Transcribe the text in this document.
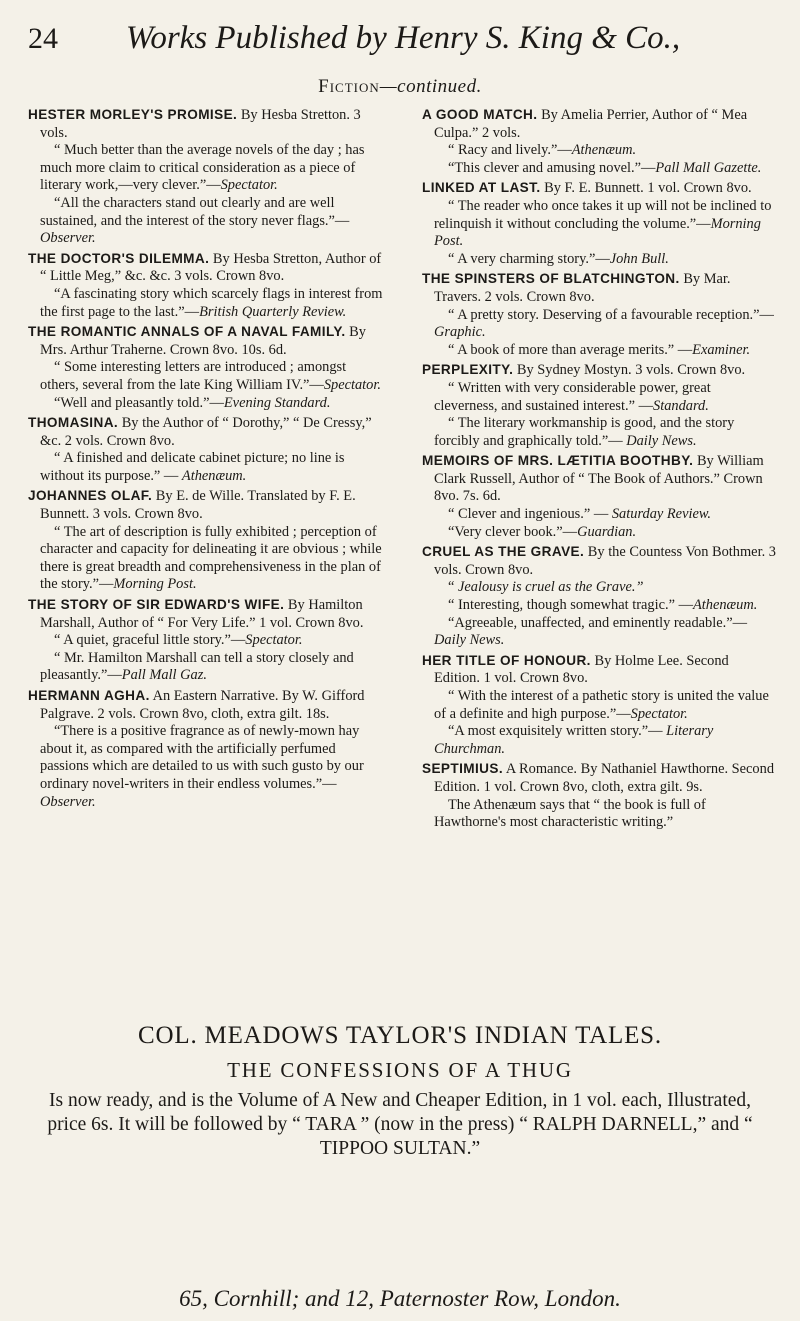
24	Works Published by Henry S. King & Co.,
Fiction—continued.
HESTER MORLEY'S PROMISE. By Hesba Stretton. 3 vols.

“ Much better than the average novels of the day ; has much more claim to critical consideration as a piece of literary work,—very clever.”—Spectator.

“All the characters stand out clearly and are well sustained, and the interest of the story never flags.”—Observer.

THE DOCTOR'S DILEMMA. By Hesba Stretton, Author of “ Little Meg,” &c. &c. 3 vols. Crown 8vo.

“A fascinating story which scarcely flags in interest from the first page to the last.”—British Quarterly Review.

THE ROMANTIC ANNALS OF A NAVAL FAMILY. By Mrs. Arthur Traherne. Crown 8vo. 10s. 6d.

“ Some interesting letters are introduced ; amongst others, several from the late King William IV.”—Spectator.

“Well and pleasantly told.”—Evening Standard.

THOMASINA. By the Author of “ Dorothy,” “ De Cressy,” &c. 2 vols. Crown 8vo.

“ A finished and delicate cabinet picture; no line is without its purpose.” — Athenæum.

JOHANNES OLAF. By E. de Wille. Translated by F. E. Bunnett. 3 vols. Crown 8vo.

“ The art of description is fully exhibited ; perception of character and capacity for delineating it are obvious ; while there is great breadth and comprehensiveness in the plan of the story.”—Morning Post.

THE STORY OF SIR EDWARD'S WIFE. By Hamilton Marshall, Author of “ For Very Life.” 1 vol. Crown 8vo.

“ A quiet, graceful little story.”—Spectator.

“ Mr. Hamilton Marshall can tell a story closely and pleasantly.”—Pall Mall Gaz.

HERMANN AGHA. An Eastern Narrative. By W. Gifford Palgrave. 2 vols. Crown 8vo, cloth, extra gilt. 18s.

“There is a positive fragrance as of newly-mown hay about it, as compared with the artificially perfumed passions which are detailed to us with such gusto by our ordinary novel-writers in their endless volumes.”—Observer.

A GOOD MATCH. By Amelia Perrier, Author of “ Mea Culpa.” 2 vols.

“ Racy and lively.”—Athenæum.

“This clever and amusing novel.”—Pall Mall Gazette.

LINKED AT LAST. By F. E. Bunnett. 1 vol. Crown 8vo.

“ The reader who once takes it up will not be inclined to relinquish it without concluding the volume.”—Morning Post.

“ A very charming story.”—John Bull.

THE SPINSTERS OF BLATCHINGTON. By Mar. Travers. 2 vols. Crown 8vo.

“ A pretty story. Deserving of a favourable reception.”—Graphic.

“ A book of more than average merits.” —Examiner.

PERPLEXITY. By Sydney Mostyn. 3 vols. Crown 8vo.

“ Written with very considerable power, great cleverness, and sustained interest.” —Standard.

“ The literary workmanship is good, and the story forcibly and graphically told.”— Daily News.

MEMOIRS OF MRS. LÆTITIA BOOTHBY. By William Clark Russell, Author of “ The Book of Authors.” Crown 8vo. 7s. 6d.

“ Clever and ingenious.” — Saturday Review.

“Very clever book.”—Guardian.

CRUEL AS THE GRAVE. By the Countess Von Bothmer. 3 vols. Crown 8vo.

“ Jealousy is cruel as the Grave.”

“ Interesting, though somewhat tragic.” —Athenæum.

“Agreeable, unaffected, and eminently readable.”—Daily News.

HER TITLE OF HONOUR. By Holme Lee. Second Edition. 1 vol. Crown 8vo.

“ With the interest of a pathetic story is united the value of a definite and high purpose.”—Spectator.

“A most exquisitely written story.”— Literary Churchman.

SEPTIMIUS. A Romance. By Nathaniel Hawthorne. Second Edition. 1 vol. Crown 8vo, cloth, extra gilt. 9s.

The Athenæum says that “ the book is full of Hawthorne's most characteristic writing.”

COL. MEADOWS TAYLOR'S INDIAN TALES.
THE CONFESSIONS OF A THUG
Is now ready, and is the Volume of A New and Cheaper Edition, in 1 vol. each, Illustrated, price 6s. It will be followed by “ TARA ” (now in the press) “ RALPH DARNELL,” and “ TIPPOO SULTAN.”
65, Cornhill; and 12, Paternoster Row, London.
